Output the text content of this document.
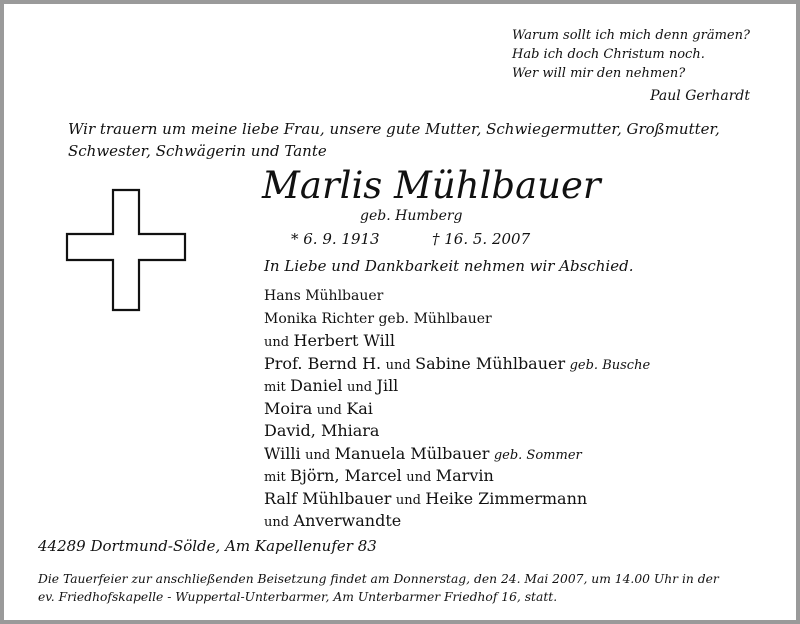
Warum sollt ich mich denn grämen?
Hab ich doch Christum noch.
Wer will mir den nehmen?
Paul Gerhardt
Wir trauern um meine liebe Frau, unsere gute Mutter, Schwiegermutter, Großmutter,
Schwester, Schwägerin und Tante
Marlis Mühlbauer
geb. Humberg
* 6. 9. 1913	† 16. 5. 2007
In Liebe und Dankbarkeit nehmen wir Abschied.
Hans Mühlbauer
Monika Richter geb. Mühlbauer
und Herbert Will
Prof. Bernd H. und Sabine Mühlbauer geb. Busche
mit Daniel und Jill
Moira und Kai
David, Mhiara
Willi und Manuela Mülbauer geb. Sommer
mit Björn, Marcel und Marvin
Ralf Mühlbauer und Heike Zimmermann
und Anverwandte
44289 Dortmund-Sölde, Am Kapellenufer 83
Die Tauerfeier zur anschließenden Beisetzung findet am Donnerstag, den 24. Mai 2007, um 14.00 Uhr in der
ev. Friedhofskapelle - Wuppertal-Unterbarmer, Am Unterbarmer Friedhof 16, statt.
